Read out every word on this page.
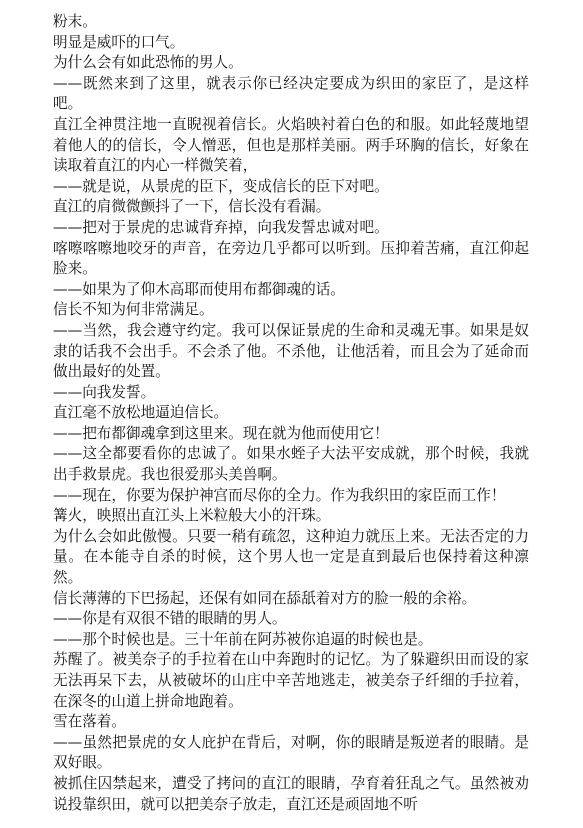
粉末。

明显是威吓的口气。

为什么会有如此恐怖的男人。

——既然来到了这里，就表示你已经决定要成为织田的家臣了，是这样吧。

直江全神贯注地一直睨视着信长。火焰映衬着白色的和服。如此轻蔑地望着他人的的信长，令人憎恶，但也是那样美丽。两手环胸的信长，好象在读取着直江的内心一样微笑着，

——就是说，从景虎的臣下，变成信长的臣下对吧。

直江的肩微微颤抖了一下，信长没有看漏。

——把对于景虎的忠诚背弃掉，向我发誓忠诚对吧。

喀嚓喀嚓地咬牙的声音，在旁边几乎都可以听到。压抑着苦痛，直江仰起脸来。

——如果为了仰木高耶而使用布都御魂的话。

信长不知为何非常满足。

——当然，我会遵守约定。我可以保证景虎的生命和灵魂无事。如果是奴隶的话我不会出手。不会杀了他。不杀他，让他活着，而且会为了延命而做出最好的处置。

——向我发誓。

直江毫不放松地逼迫信长。

——把布都御魂拿到这里来。现在就为他而使用它！

——这全都要看你的忠诚了。如果水蛭子大法平安成就，那个时候，我就出手救景虎。我也很爱那头美兽啊。

——现在，你要为保护神宫而尽你的全力。作为我织田的家臣而工作！

篝火，映照出直江头上米粒般大小的汗珠。

为什么会如此傲慢。只要一稍有疏忽，这种迫力就压上来。无法否定的力量。在本能寺自杀的时候，这个男人也一定是直到最后也保持着这种凛然。

信长薄薄的下巴扬起，还保有如同在舔舐着对方的脸一般的余裕。

——你是有双很不错的眼睛的男人。

——那个时候也是。三十年前在阿苏被你追逼的时候也是。

苏醒了。被美奈子的手拉着在山中奔跑时的记忆。为了躲避织田而设的家无法再呆下去，从被破坏的山庄中辛苦地逃走，被美奈子纤细的手拉着，在深冬的山道上拼命地跑着。

雪在落着。

——虽然把景虎的女人庇护在背后，对啊，你的眼睛是叛逆者的眼睛。是双好眼。

被抓住囚禁起来，遭受了拷问的直江的眼睛，孕育着狂乱之气。虽然被劝说投靠织田，就可以把美奈子放走，直江还是顽固地不听
